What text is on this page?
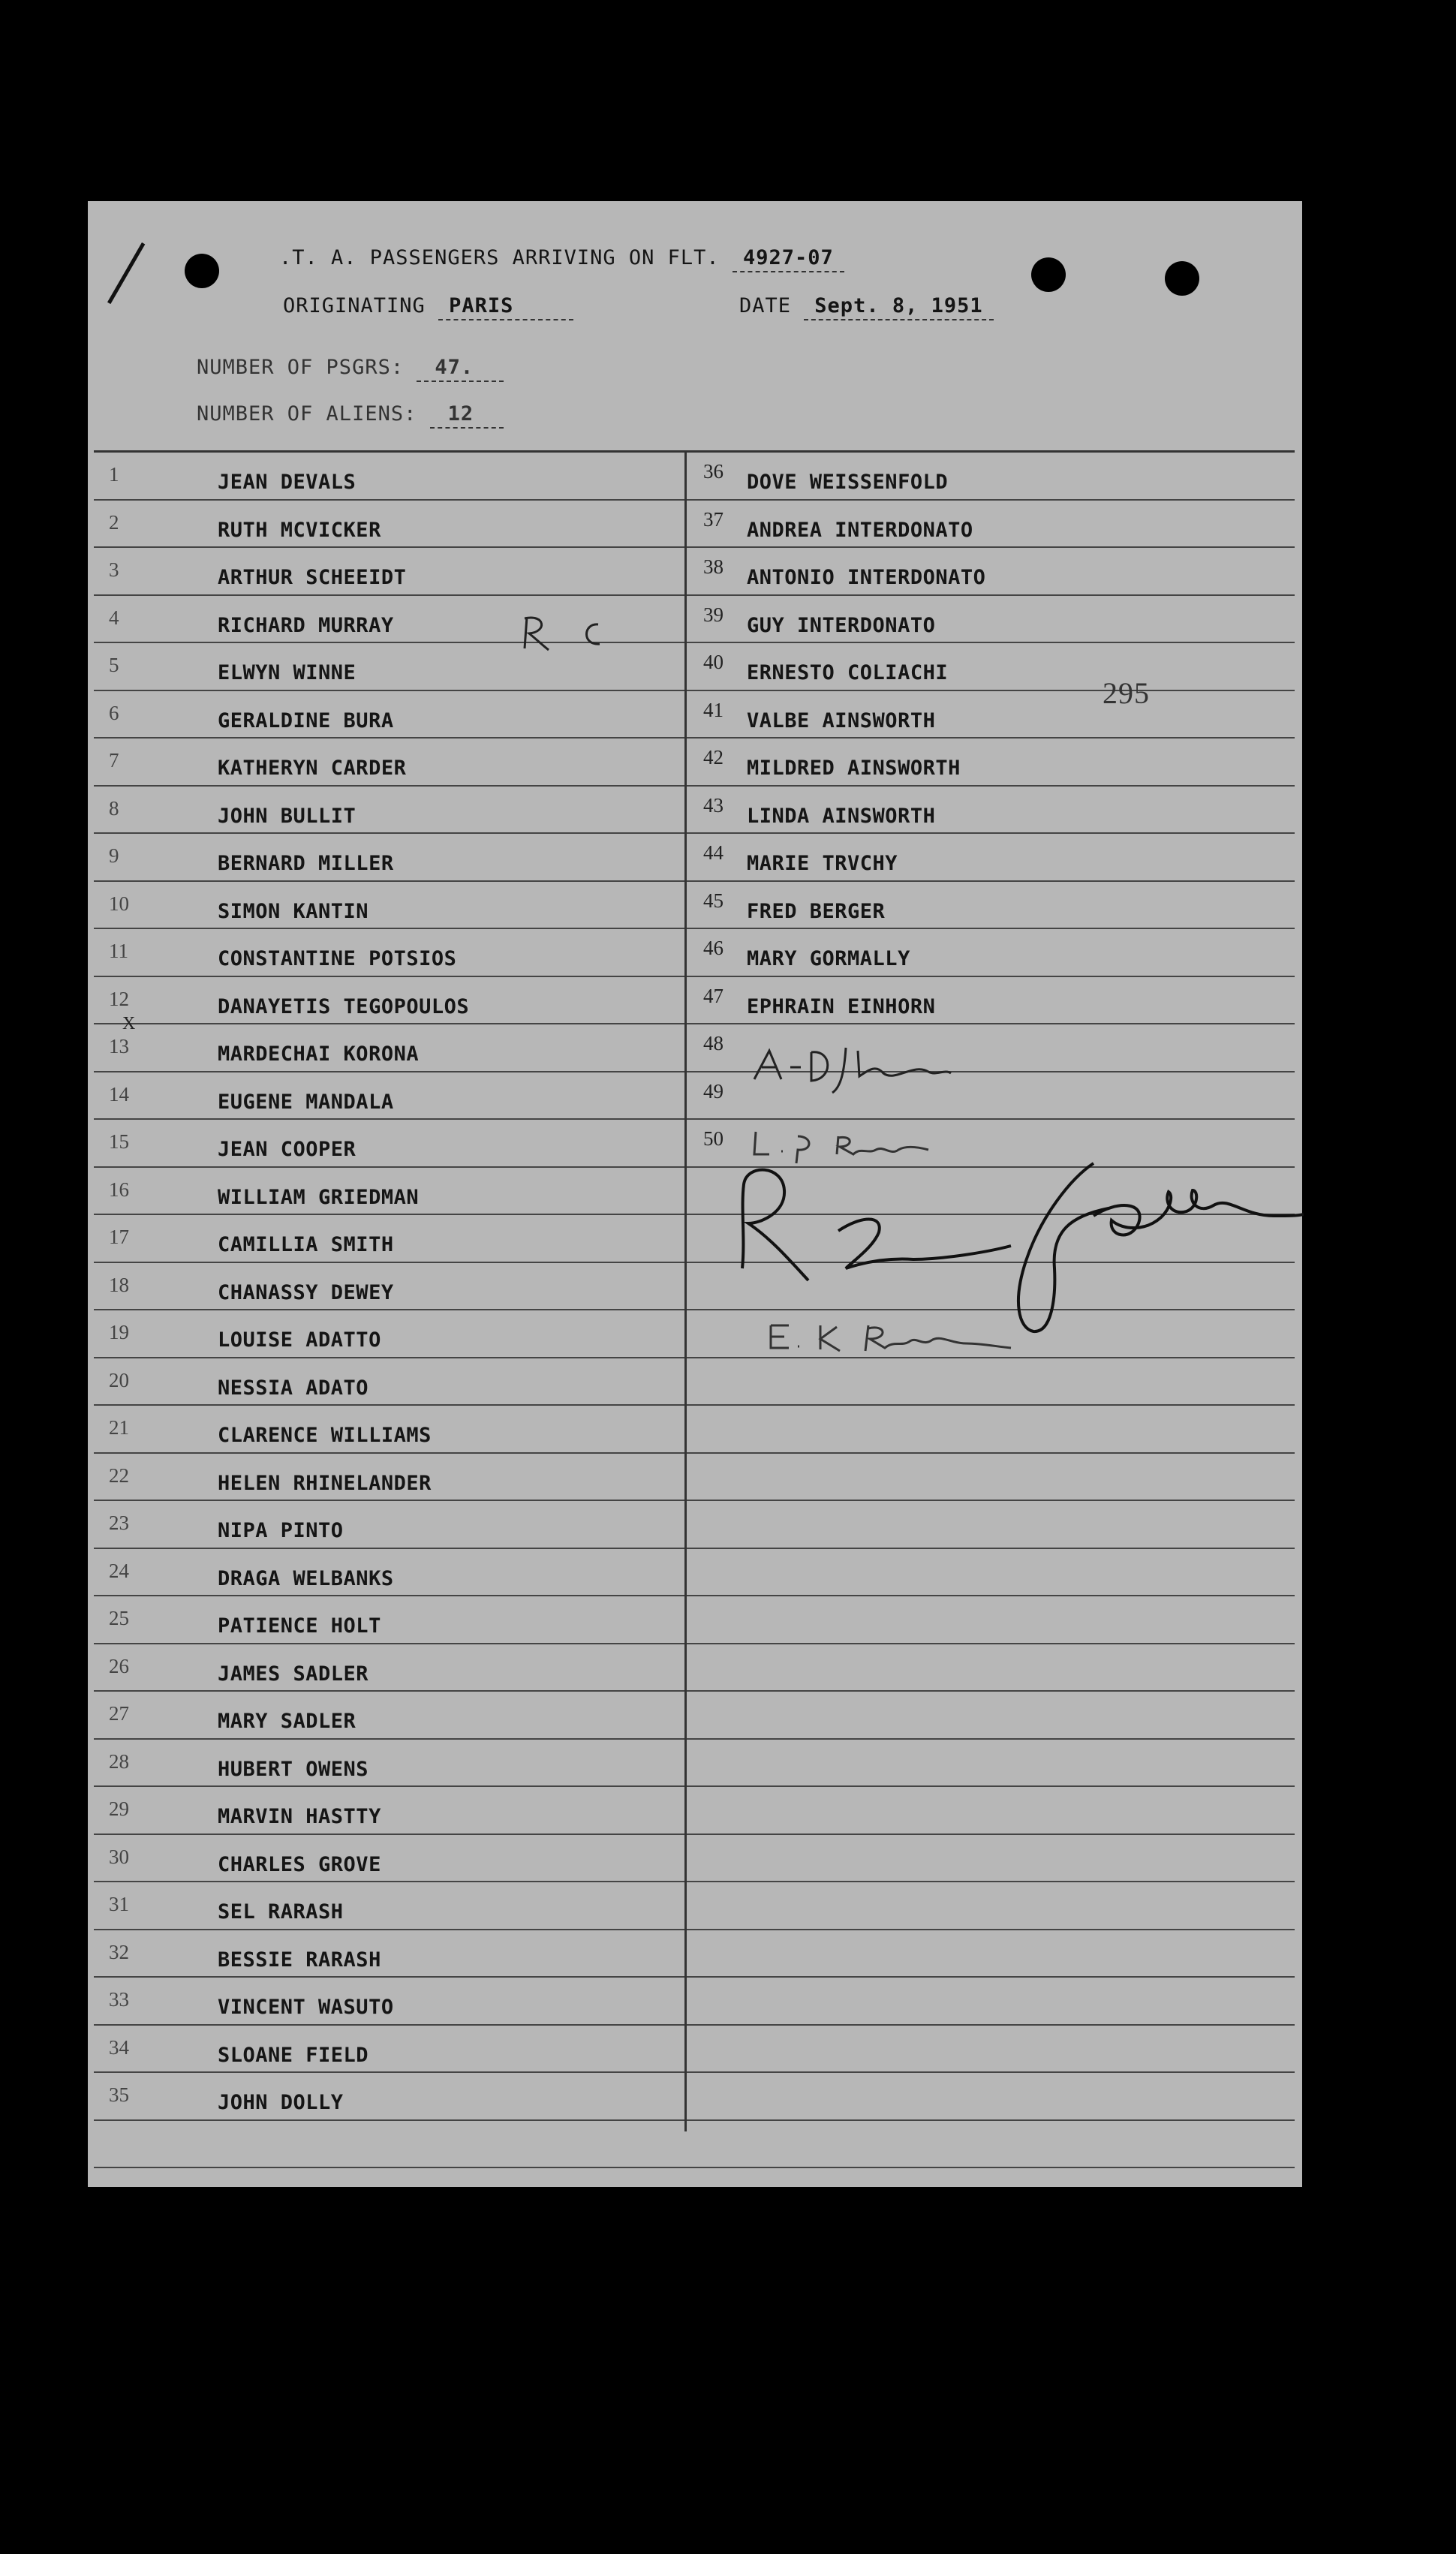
.T. A. PASSENGERS ARRIVING ON FLT. 4927-07
ORIGINATING PARIS	DATE Sept. 8, 1951
NUMBER OF PSGRS: 47.
NUMBER OF ALIENS: 12
1	JEAN DEVALS	36 DOVE WEISSENFOLD
2	RUTH MCVICKER	37 ANDREA INTERDONATO
3	ARTHUR SCHEEIDT	38 ANTONIO INTERDONATO
4	RICHARD MURRAY	39 GUY INTERDONATO
5	ELWYN WINNE	40 ERNESTO COLIACHI
6	GERALDINE BURA	41 VALBE AINSWORTH
7	KATHERYN CARDER	42 MILDRED AINSWORTH
8	JOHN BULLIT	43 LINDA AINSWORTH
9	BERNARD MILLER	44 MARIE TRVCHY
10	SIMON KANTIN	45 FRED BERGER
11	CONSTANTINE POTSIOS	46 MARY GORMALLY
12	DANAYETIS TEGOPOULOS	47 EPHRAIN EINHORN
13	MARDECHAI KORONA	48
14	EUGENE MANDALA	49
15	JEAN COOPER	50
16	WILLIAM GRIEDMAN
17	CAMILLIA SMITH
18	CHANASSY DEWEY
19	LOUISE ADATTO
20	NESSIA ADATO
21	CLARENCE WILLIAMS
22	HELEN RHINELANDER
23	NIPA PINTO
24	DRAGA WELBANKS
25	PATIENCE HOLT
26	JAMES SADLER
27	MARY SADLER
28	HUBERT OWENS
29	MARVIN HASTTY
30	CHARLES GROVE
31	SEL RARASH
32	BESSIE RARASH
33	VINCENT WASUTO
34	SLOANE FIELD
35	JOHN DOLLY
295
X
